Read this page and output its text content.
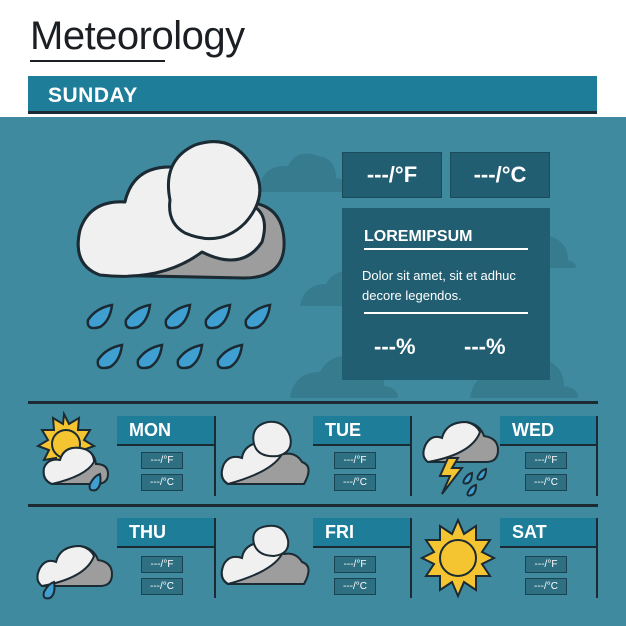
Meteorology
SUNDAY
---/°F	---/°C
LOREMIPSUM
Dolor sit amet, sit et adhuc decore legendos.
---% ---%
MON
---/°F
---/°C
TUE
---/°F
---/°C
WED
---/°F
---/°C
THU
---/°F
---/°C
FRI
---/°F
---/°C
SAT
---/°F
---/°C
